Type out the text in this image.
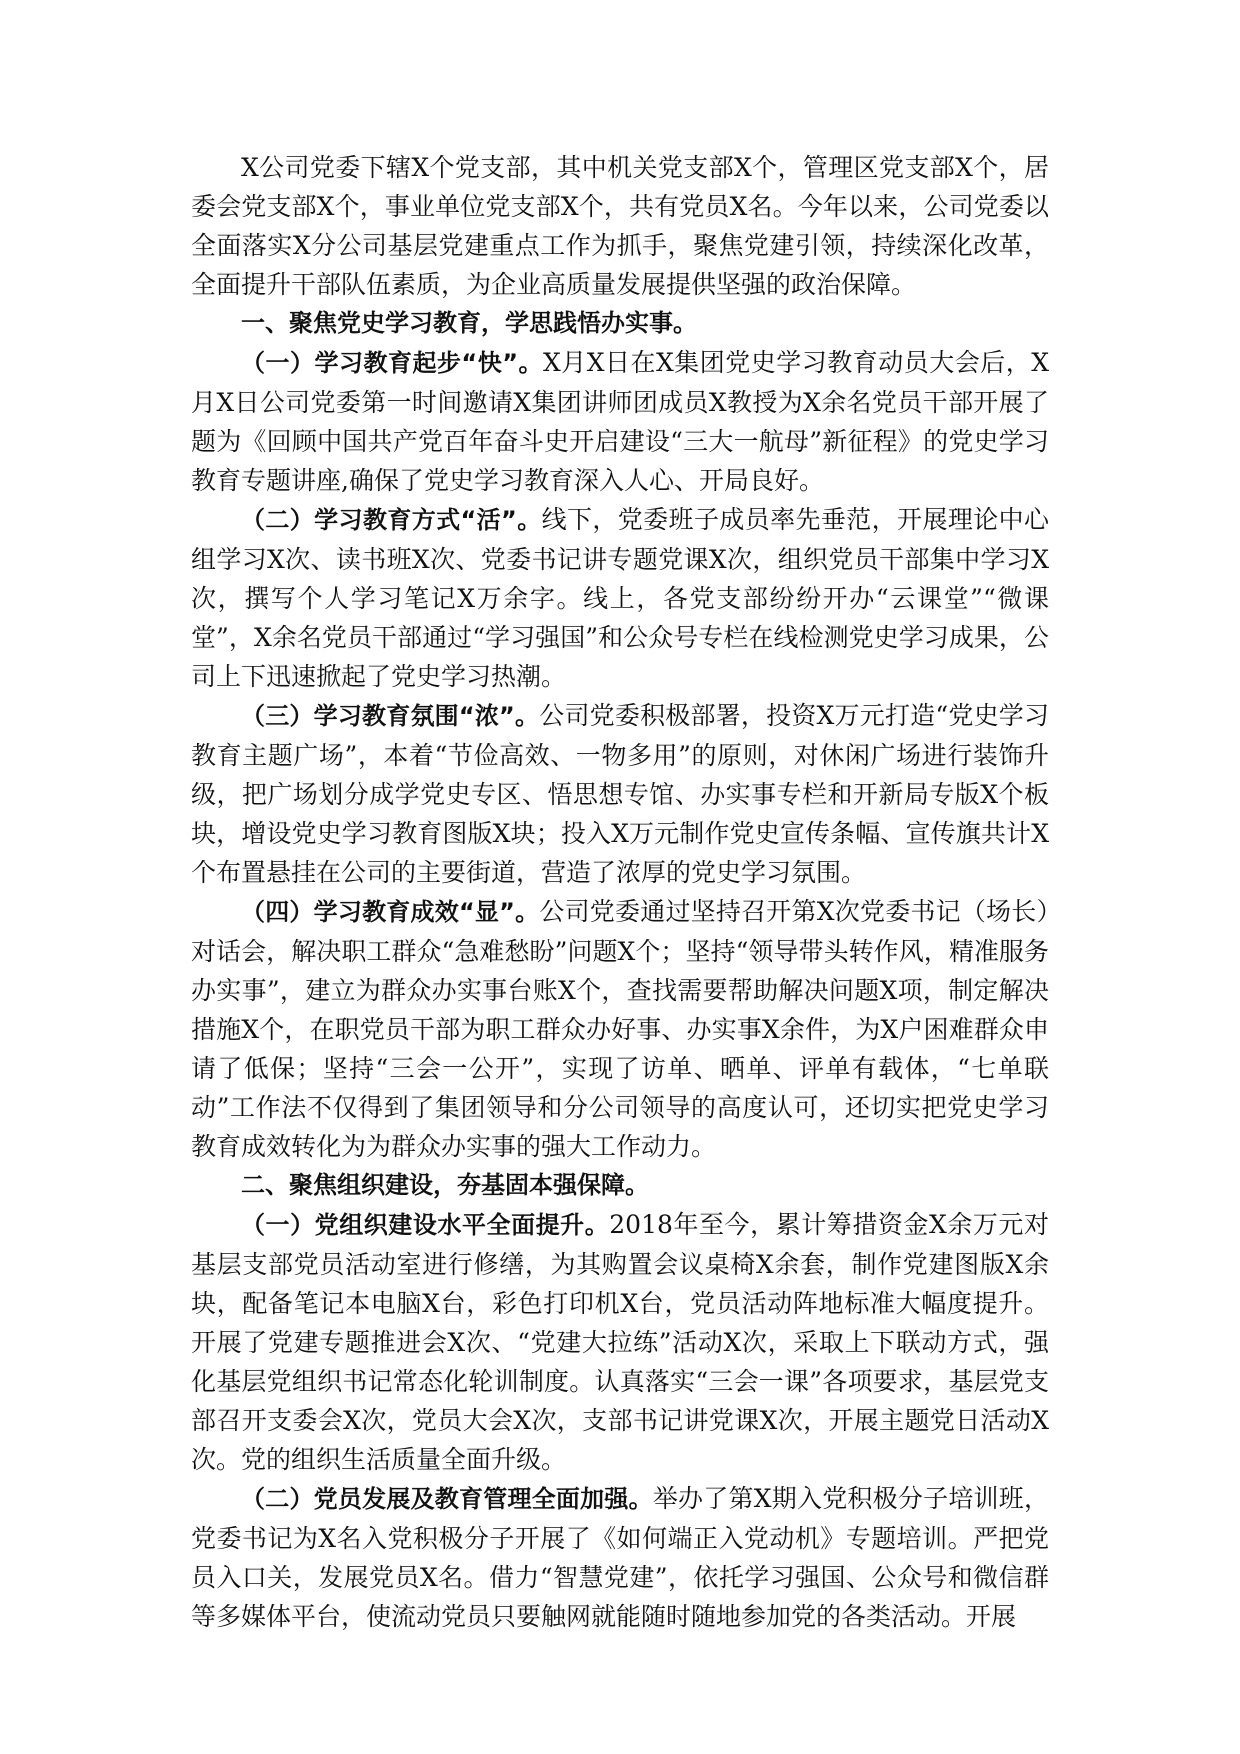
X公司党委下辖X个党支部，其中机关党支部X个，管理区党支部X个，居委会党支部X个，事业单位党支部X个，共有党员X名。今年以来，公司党委以全面落实X分公司基层党建重点工作为抓手，聚焦党建引领，持续深化改革，全面提升干部队伍素质，为企业高质量发展提供坚强的政治保障。

一、聚焦党史学习教育，学思践悟办实事。

（一）学习教育起步“快”。X月X日在X集团党史学习教育动员大会后，X月X日公司党委第一时间邀请X集团讲师团成员X教授为X余名党员干部开展了题为《回顾中国共产党百年奋斗史开启建设“三大一航母”新征程》的党史学习教育专题讲座,确保了党史学习教育深入人心、开局良好。

（二）学习教育方式“活”。线下，党委班子成员率先垂范，开展理论中心组学习X次、读书班X次、党委书记讲专题党课X次，组织党员干部集中学习X次，撰写个人学习笔记X万余字。线上，各党支部纷纷开办“云课堂”“微课堂”，X余名党员干部通过“学习强国”和公众号专栏在线检测党史学习成果，公司上下迅速掀起了党史学习热潮。

（三）学习教育氛围“浓”。公司党委积极部署，投资X万元打造“党史学习教育主题广场”，本着“节俭高效、一物多用”的原则，对休闲广场进行装饰升级，把广场划分成学党史专区、悟思想专馆、办实事专栏和开新局专版X个板块，增设党史学习教育图版X块；投入X万元制作党史宣传条幅、宣传旗共计X个布置悬挂在公司的主要街道，营造了浓厚的党史学习氛围。

（四）学习教育成效“显”。公司党委通过坚持召开第X次党委书记（场长）对话会，解决职工群众“急难愁盼”问题X个；坚持“领导带头转作风，精准服务办实事”，建立为群众办实事台账X个，查找需要帮助解决问题X项，制定解决措施X个，在职党员干部为职工群众办好事、办实事X余件，为X户困难群众申请了低保；坚持“三会一公开”，实现了访单、晒单、评单有载体，“七单联动”工作法不仅得到了集团领导和分公司领导的高度认可，还切实把党史学习教育成效转化为为群众办实事的强大工作动力。

二、聚焦组织建设，夯基固本强保障。

（一）党组织建设水平全面提升。2018年至今，累计筹措资金X余万元对基层支部党员活动室进行修缮，为其购置会议桌椅X余套，制作党建图版X余块，配备笔记本电脑X台，彩色打印机X台，党员活动阵地标准大幅度提升。开展了党建专题推进会X次、“党建大拉练”活动X次，采取上下联动方式，强化基层党组织书记常态化轮训制度。认真落实“三会一课”各项要求，基层党支部召开支委会X次，党员大会X次，支部书记讲党课X次，开展主题党日活动X次。党的组织生活质量全面升级。

（二）党员发展及教育管理全面加强。举办了第X期入党积极分子培训班，党委书记为X名入党积极分子开展了《如何端正入党动机》专题培训。严把党员入口关，发展党员X名。借力“智慧党建”，依托学习强国、公众号和微信群等多媒体平台，使流动党员只要触网就能随时随地参加党的各类活动。开展
